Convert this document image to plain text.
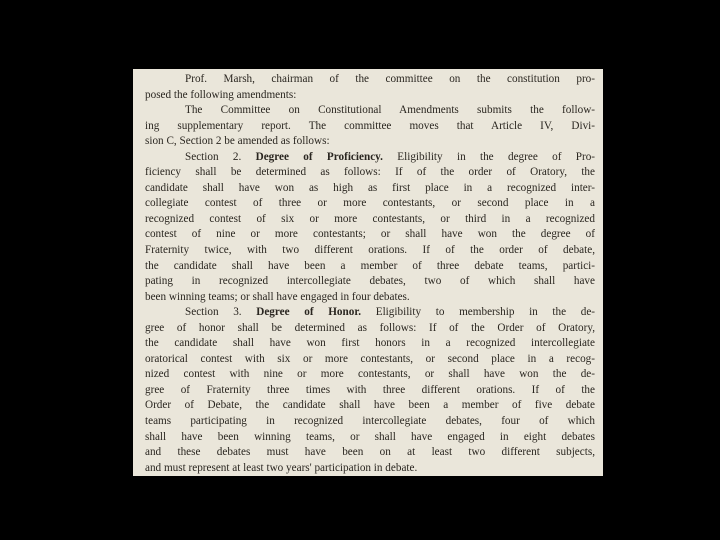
Prof. Marsh, chairman of the committee on the constitution pro-
posed the following amendments:

The Committee on Constitutional Amendments submits the follow-
ing supplementary report. The committee moves that Article IV, Divi-
sion C, Section 2 be amended as follows:

Section 2. Degree of Proficiency. Eligibility in the degree of Pro-
ficiency shall be determined as follows: If of the order of Oratory, the
candidate shall have won as high as first place in a recognized inter-
collegiate contest of three or more contestants, or second place in a
recognized contest of six or more contestants, or third in a recognized
contest of nine or more contestants; or shall have won the degree of
Fraternity twice, with two different orations. If of the order of debate,
the candidate shall have been a member of three debate teams, partici-
pating in recognized intercollegiate debates, two of which shall have
been winning teams; or shall have engaged in four debates.

Section 3. Degree of Honor. Eligibility to membership in the de-
gree of honor shall be determined as follows: If of the Order of Oratory,
the candidate shall have won first honors in a recognized intercollegiate
oratorical contest with six or more contestants, or second place in a recog-
nized contest with nine or more contestants, or shall have won the de-
gree of Fraternity three times with three different orations. If of the
Order of Debate, the candidate shall have been a member of five debate
teams participating in recognized intercollegiate debates, four of which
shall have been winning teams, or shall have engaged in eight debates
and these debates must have been on at least two different subjects,
and must represent at least two years' participation in debate.
